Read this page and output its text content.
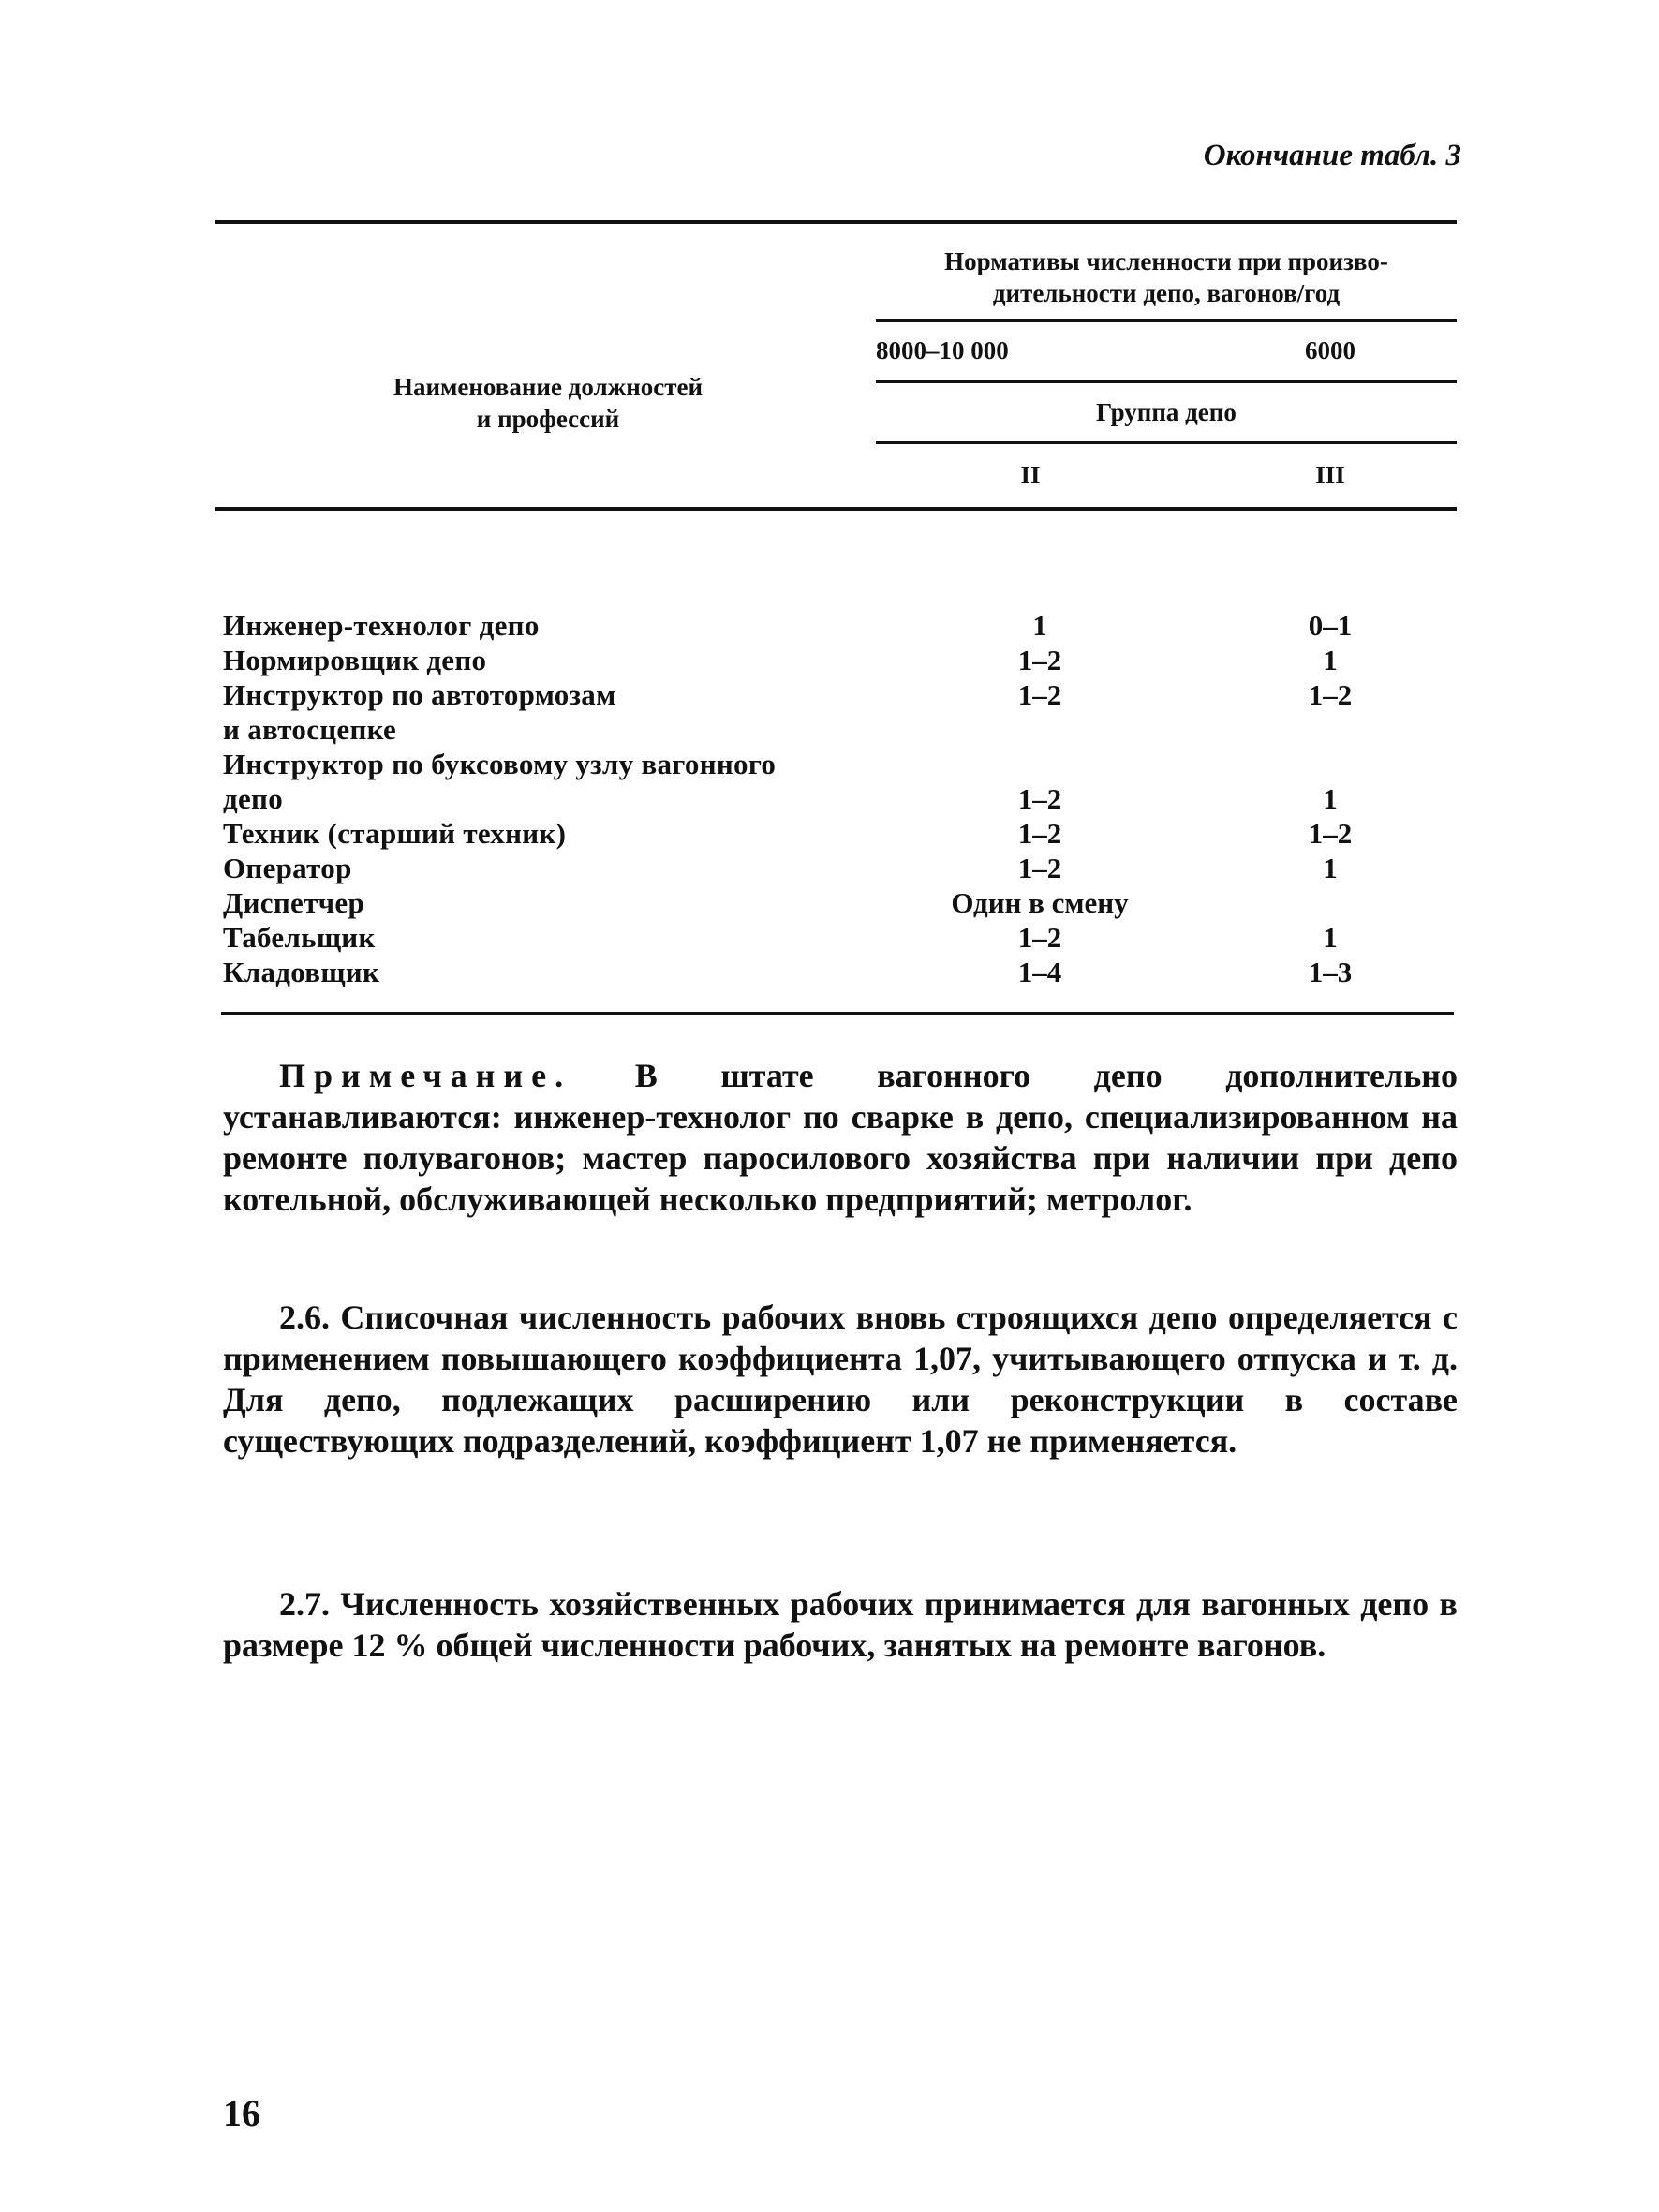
Окончание табл. 3
Наименование должностей
и профессий
Нормативы численности при произво-
дительности депо, вагонов/год
8000–10 000	6000
Группа депо
II	III
Инженер-технолог депо	1	0–1
Нормировщик депо	1–2	1
Инструктор по автотормозам	1–2	1–2
и автосцепке
Инструктор по буксовому узлу вагонного
депо	1–2	1
Техник (старший техник)	1–2	1–2
Оператор	1–2	1
Диспетчер	Один в смену
Табельщик	1–2	1
Кладовщик	1–4	1–3
Примечание. В штате вагонного депо дополнительно устанавливаются: инженер-технолог по сварке в депо, специализированном на ремонте полувагонов; мастер паросилового хозяйства при наличии при депо котельной, обслуживающей несколько предприятий; метролог.
2.6. Списочная численность рабочих вновь строящихся депо определяется с применением повышающего коэффициента 1,07, учитывающего отпуска и т. д. Для депо, подлежащих расширению или реконструкции в составе существующих подразделений, коэффициент 1,07 не применяется.
2.7. Численность хозяйственных рабочих принимается для вагонных депо в размере 12 % общей численности рабочих, занятых на ремонте вагонов.
16
